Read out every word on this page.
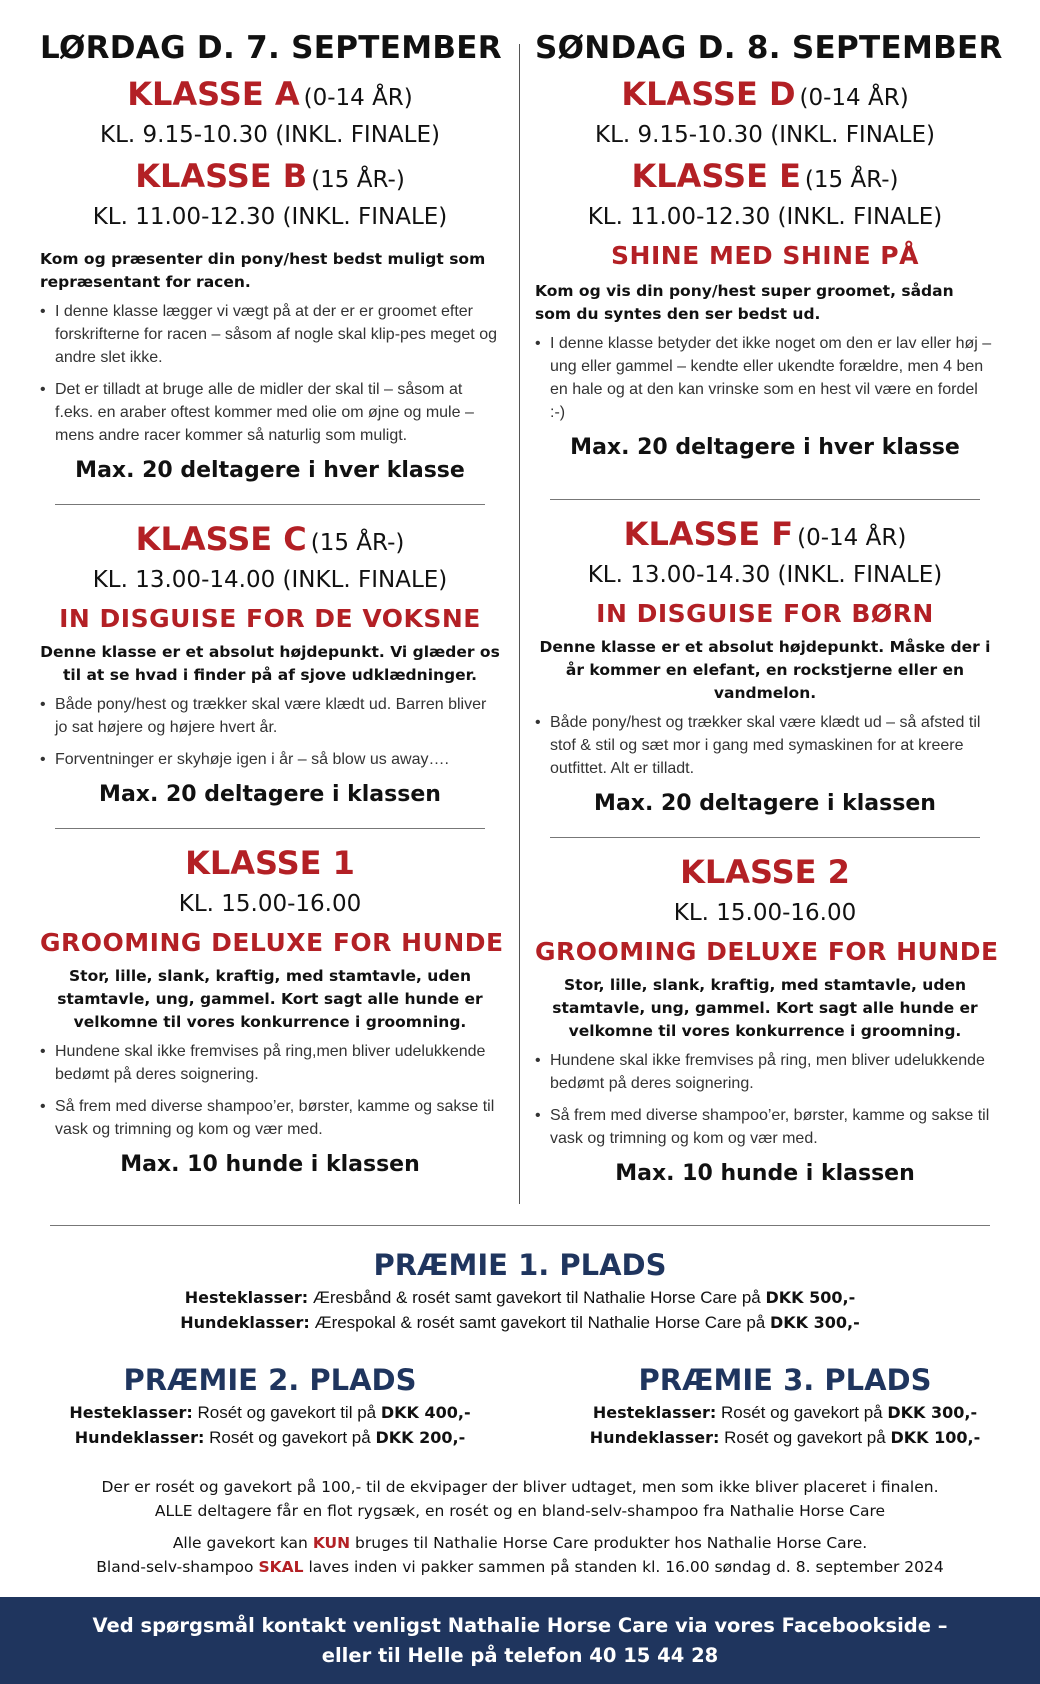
LØRDAG D. 7. SEPTEMBER
KLASSE A (0-14 ÅR)
KL. 9.15-10.30 (INKL. FINALE)
KLASSE B (15 ÅR-)
KL. 11.00-12.30 (INKL. FINALE)

Kom og præsenter din pony/hest bedst muligt som repræsentant for racen.

• I denne klasse lægger vi vægt på at der er er groomet efter forskrifterne for racen – såsom af nogle skal klip-pes meget og andre slet ikke.
• Det er tilladt at bruge alle de midler der skal til – såsom at f.eks. en araber oftest kommer med olie om øjne og mule – mens andre racer kommer så naturlig som muligt.
Max. 20 deltagere i hver klasse
KLASSE C (15 ÅR-)
KL. 13.00-14.00 (INKL. FINALE)
IN DISGUISE FOR DE VOKSNE

Denne klasse er et absolut højdepunkt. Vi glæder os til at se hvad i finder på af sjove udklædninger.

• Både pony/hest og trækker skal være klædt ud. Barren bliver jo sat højere og højere hvert år.
• Forventninger er skyhøje igen i år – så blow us away….
Max. 20 deltagere i klassen
KLASSE 1
KL. 15.00-16.00
GROOMING DELUXE FOR HUNDE

Stor, lille, slank, kraftig, med stamtavle, uden stamtavle, ung, gammel. Kort sagt alle hunde er velkomne til vores konkurrence i groomning.

• Hundene skal ikke fremvises på ring,men bliver udelukkende bedømt på deres soignering.
• Så frem med diverse shampoo’er, børster, kamme og sakse til vask og trimning og kom og vær med.
Max. 10 hunde i klassen
SØNDAG D. 8. SEPTEMBER
KLASSE D (0-14 ÅR)
KL. 9.15-10.30 (INKL. FINALE)
KLASSE E (15 ÅR-)
KL. 11.00-12.30 (INKL. FINALE)
SHINE MED SHINE PÅ

Kom og vis din pony/hest super groomet, sådan som du syntes den ser bedst ud.

• I denne klasse betyder det ikke noget om den er lav eller høj – ung eller gammel – kendte eller ukendte forældre, men 4 ben en hale og at den kan vrinske som en hest vil være en fordel :-)
Max. 20 deltagere i hver klasse
KLASSE F (0-14 ÅR)
KL. 13.00-14.30 (INKL. FINALE)
IN DISGUISE FOR BØRN

Denne klasse er et absolut højdepunkt. Måske der i år kommer en elefant, en rockstjerne eller en vandmelon.

• Både pony/hest og trækker skal være klædt ud – så afsted til stof & stil og sæt mor i gang med symaskinen for at kreere outfittet. Alt er tilladt.
Max. 20 deltagere i klassen
KLASSE 2
KL. 15.00-16.00
GROOMING DELUXE FOR HUNDE

Stor, lille, slank, kraftig, med stamtavle, uden stamtavle, ung, gammel. Kort sagt alle hunde er velkomne til vores konkurrence i groomning.

• Hundene skal ikke fremvises på ring, men bliver udelukkende bedømt på deres soignering.
• Så frem med diverse shampoo’er, børster, kamme og sakse til vask og trimning og kom og vær med.
Max. 10 hunde i klassen
PRÆMIE 1. PLADS
Hesteklasser: Æresbånd & rosét samt gavekort til Nathalie Horse Care på DKK 500,-
Hundeklasser: Ærespokal & rosét samt gavekort til Nathalie Horse Care på DKK 300,-
PRÆMIE 2. PLADS
Hesteklasser: Rosét og gavekort til på DKK 400,-
Hundeklasser: Rosét og gavekort på DKK 200,-
PRÆMIE 3. PLADS
Hesteklasser: Rosét og gavekort på DKK 300,-
Hundeklasser: Rosét og gavekort på DKK 100,-
Der er rosét og gavekort på 100,- til de ekvipager der bliver udtaget, men som ikke bliver placeret i finalen.
ALLE deltagere får en flot rygsæk, en rosét og en bland-selv-shampoo fra Nathalie Horse Care
Alle gavekort kan KUN bruges til Nathalie Horse Care produkter hos Nathalie Horse Care.
Bland-selv-shampoo SKAL laves inden vi pakker sammen på standen kl. 16.00 søndag d. 8. september 2024
Ved spørgsmål kontakt venligst Nathalie Horse Care via vores Facebookside –
eller til Helle på telefon 40 15 44 28
